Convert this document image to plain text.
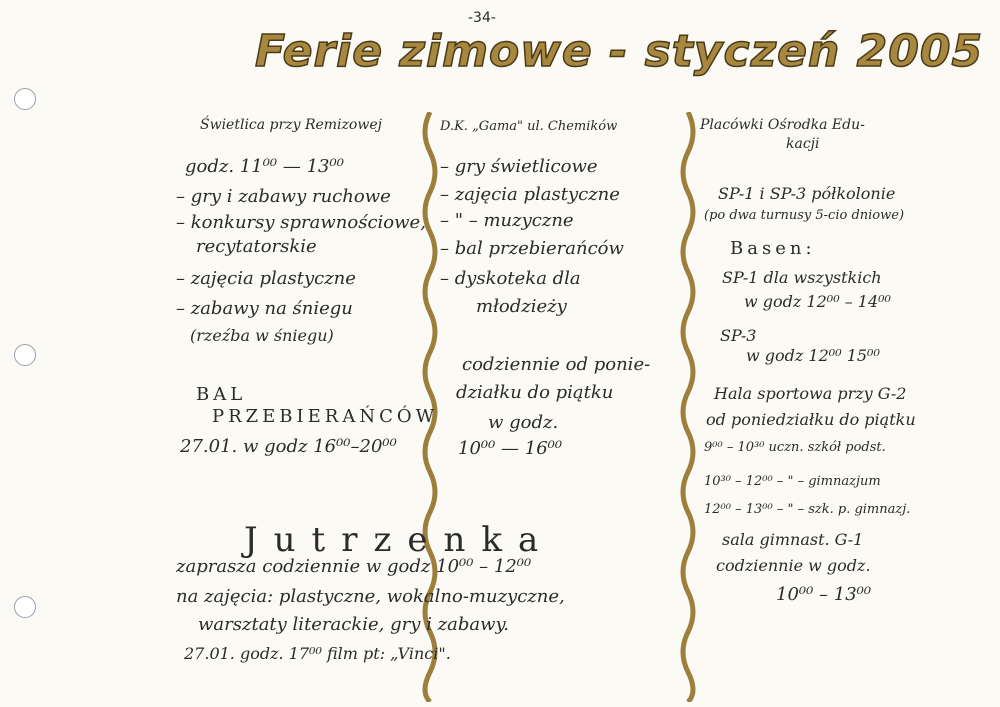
-34-
Ferie zimowe - styczeń 2005
Świetlica przy Remizowej
godz. 11⁰⁰ — 13⁰⁰
– gry i zabawy ruchowe
– konkursy sprawnościowe,
recytatorskie
– zajęcia plastyczne
– zabawy na śniegu
(rzeźba w śniegu)
BAL
PRZEBIERAŃCÓW
27.01. w godz 16⁰⁰–20⁰⁰
D.K. „Gama" ul. Chemików
– gry świetlicowe
– zajęcia plastyczne
– " – muzyczne
– bal przebierańców
– dyskoteka dla
młodzieży
codziennie od ponie-
działku do piątku
w godz.
10⁰⁰ — 16⁰⁰
Placówki Ośrodka Edu-
kacji
SP-1 i SP-3 półkolonie
(po dwa turnusy 5-cio dniowe)
Basen:
SP-1 dla wszystkich
w godz 12⁰⁰ – 14⁰⁰
SP-3
w godz 12⁰⁰ 15⁰⁰
Hala sportowa przy G-2
od poniedziałku do piątku
9⁰⁰ – 10³⁰ uczn. szkół podst.
10³⁰ – 12⁰⁰ – " – gimnazjum
12⁰⁰ – 13⁰⁰ – " – szk. p. gimnazj.
sala gimnast. G-1
codziennie w godz.
10⁰⁰ – 13⁰⁰
Jutrzenka
zaprasza codziennie w godz 10⁰⁰ – 12⁰⁰
na zajęcia: plastyczne, wokalno-muzyczne,
warsztaty literackie, gry i zabawy.
27.01. godz. 17⁰⁰ film pt: „Vinci".
